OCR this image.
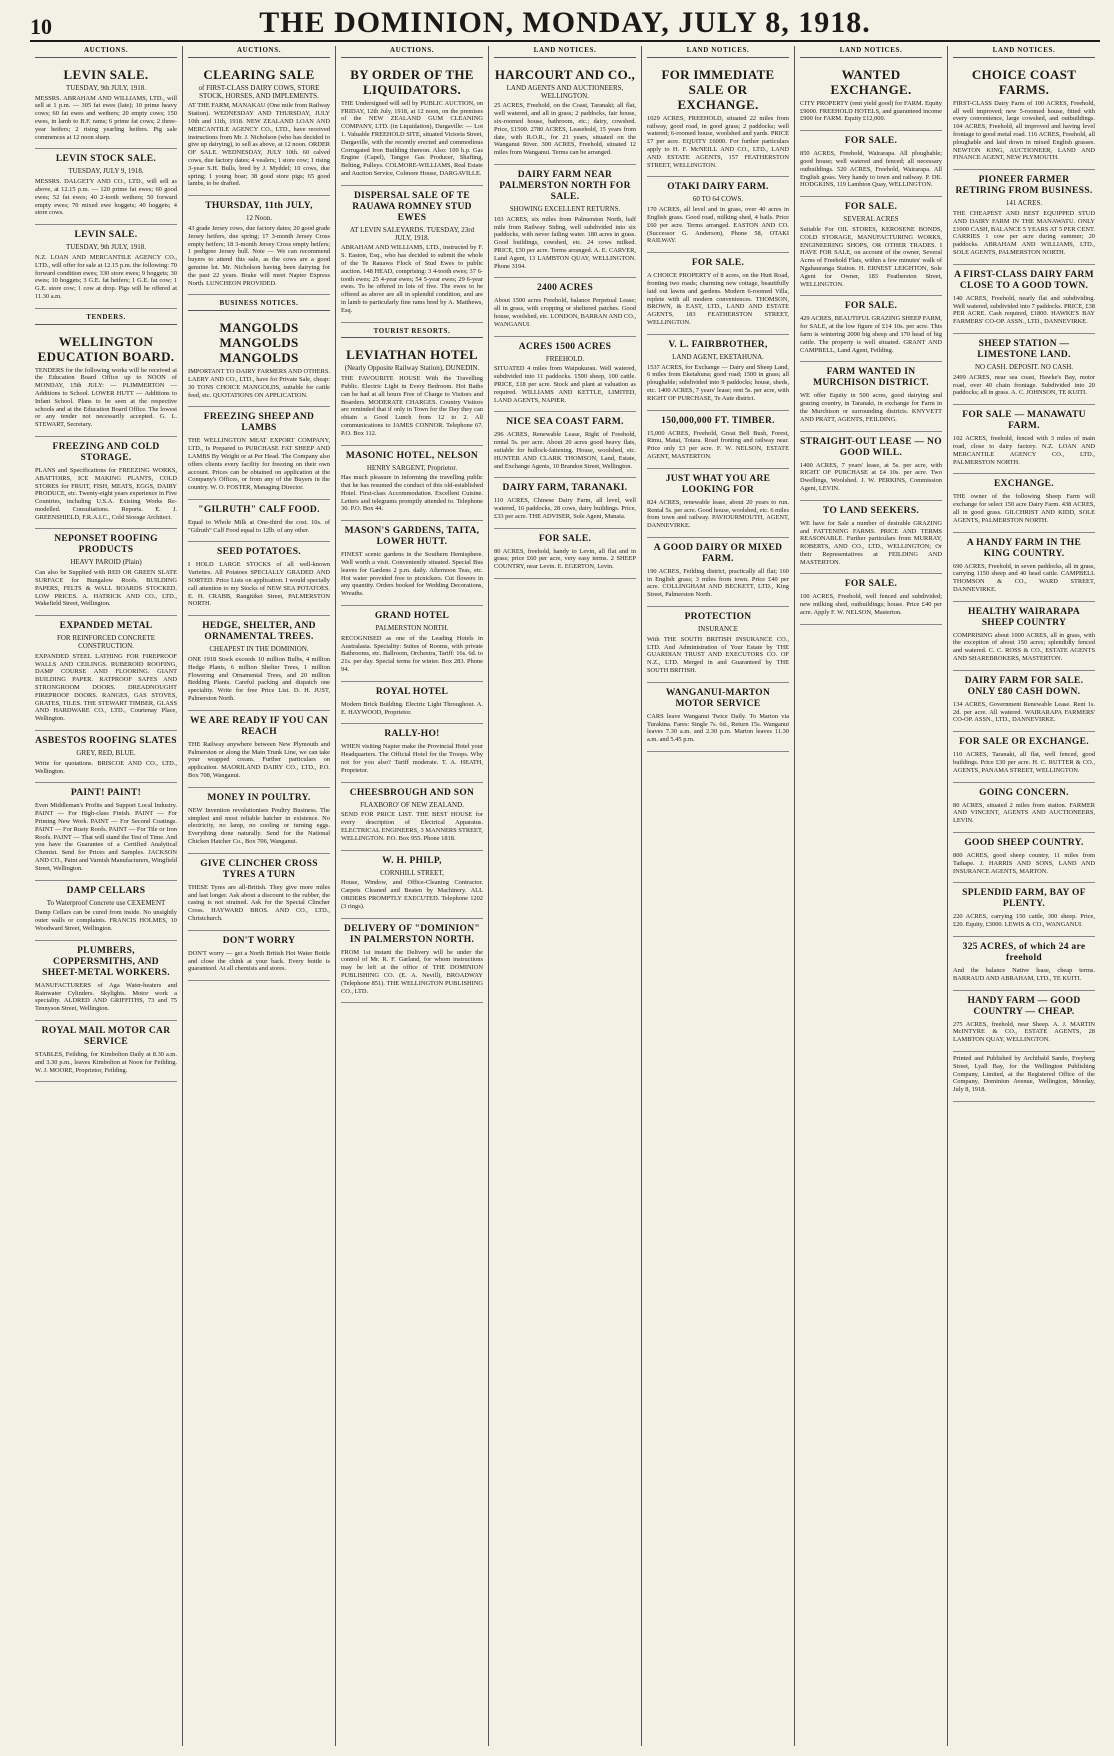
10	THE DOMINION, MONDAY, JULY 8, 1918.
AUCTIONS.
LEVIN SALE.
TUESDAY, 9th JULY, 1918.

MESSRS. ABRAHAM AND WILLIAMS, LTD., will sell at 1 p.m. — 305 fat ewes (late); 10 prime heavy cows; 60 fat ewes and wethers; 20 empty cows; 150 ewes, in lamb to B.F. rams; 6 prime fat cows; 2 three-year heifers; 2 rising yearling heifers. Pig sale commences at 12 noon sharp.

LEVIN STOCK SALE.
TUESDAY, JULY 9, 1918.

MESSRS. DALGETY AND CO., LTD., will sell as above, at 12.15 p.m. — 120 prime fat ewes; 60 good ewes; 52 fat ewes; 40 2-tooth wethers; 50 forward empty ewes; 70 mixed ewe hoggets; 40 hoggets; 4 store cows.

LEVIN SALE.
TUESDAY, 9th JULY, 1918.

N.Z. LOAN AND MERCANTILE AGENCY CO., LTD., will offer for sale at 12.15 p.m. the following: 70 forward condition ewes; 330 store ewes; 9 hoggets; 30 ewes; 10 hoggets; 3 G.E. fat heifers; 1 G.E. fat cow; 1 G.E. store cow; 1 cow at drop. Pigs will be offered at 11.30 a.m.

TENDERS.
WELLINGTON EDUCATION BOARD.

TENDERS for the following works will be received at the Education Board Office up to NOON of MONDAY, 15th JULY: — PLIMMERTON — Additions to School. LOWER HUTT — Additions to Infant School. Plans to be seen at the respective schools and at the Education Board Office. The lowest or any tender not necessarily accepted. G. L. STEWART, Secretary.

FREEZING AND COLD STORAGE.

PLANS and Specifications for FREEZING WORKS, ABATTOIRS, ICE MAKING PLANTS, COLD STORES for FRUIT, FISH, MEATS, EGGS, DAIRY PRODUCE, etc. Twenty-eight years experience in Five Countries, including U.S.A. Existing Works Re-modelled. Consultations. Reports. E. J. GREENSHIELD, F.R.A.I.C., Cold Storage Architect.

NEPONSET ROOFING PRODUCTS
HEAVY PAROID (Plain)

Can also be Supplied with RED OR GREEN SLATE SURFACE for Bungalow Roofs. BUILDING PAPERS, FELTS & WALL BOARDS STOCKED. LOW PRICES. A. HATRICK AND CO., LTD., Wakefield Street, Wellington.

EXPANDED METAL
FOR REINFORCED CONCRETE CONSTRUCTION.

EXPANDED STEEL LATHING FOR FIREPROOF WALLS AND CEILINGS. RUBEROID ROOFING, DAMP COURSE AND FLOORING. GIANT BUILDING PAPER. RATPROOF SAFES AND STRONGROOM DOORS. DREADNOUGHT FIREPROOF DOORS. RANGES, GAS STOVES, GRATES, TILES. THE STEWART TIMBER, GLASS AND HARDWARE CO., LTD., Courtenay Place, Wellington.

ASBESTOS ROOFING SLATES
GREY, RED, BLUE.

Write for quotations. BRISCOE AND CO., LTD., Wellington.

PAINT! PAINT!

Even Middleman's Profits and Support Local Industry. PAINT — For High-class Finish. PAINT — For Priming New Work. PAINT — For Second Coatings. PAINT — For Rusty Roofs. PAINT — For Tile or Iron Roofs. PAINT — That will stand the Test of Time. And you have the Guarantee of a Certified Analytical Chemist. Send for Prices and Samples. JACKSON AND CO., Paint and Varnish Manufacturers, Wingfield Street, Wellington.

DAMP CELLARS
To Waterproof Concrete use CEXEMENT

Damp Cellars can be cured from inside. No unsightly outer walls or complaints. FRANCIS HOLMES, 10 Woodward Street, Wellington.

PLUMBERS, COPPERSMITHS, AND SHEET-METAL WORKERS.

MANUFACTURERS of Aga Water-heaters and Rainwater Cylinders. Skylights. Motor work a speciality. ALDRED AND GRIFFITHS, 73 and 75 Tennyson Street, Wellington.

ROYAL MAIL MOTOR CAR SERVICE

STABLES, Feilding, for Kimbolton Daily at 8.30 a.m. and 3.30 p.m., leaves Kimbolton at Noon for Feilding. W. J. MOORE, Proprietor, Feilding.

AUCTIONS.
CLEARING SALE
of FIRST-CLASS DAIRY COWS, STORE STOCK, HORSES, AND IMPLEMENTS.

AT THE FARM, MANAKAU (One mile from Railway Station). WEDNESDAY AND THURSDAY, JULY 10th and 11th, 1918. NEW ZEALAND LOAN AND MERCANTILE AGENCY CO., LTD., have received instructions from Mr. J. Nicholson (who has decided to give up dairying), to sell as above, at 12 noon. ORDER OF SALE. WEDNESDAY, JULY 10th. 60 calved cows, due factory dates; 4 vealers; 1 store cow; 1 rising 3-year S.H. Bulls, bred by J. Myddel; 10 cows, due spring; 1 young boar; 38 good store pigs; 65 good lambs, to be drafted.

THURSDAY, 11th JULY,
12 Noon.

43 grade Jersey cows, due factory dates; 20 good grade Jersey heifers, due spring; 17 3-month Jersey Cross empty heifers; 18 3-month Jersey Cross empty heifers; 1 pedigree Jersey bull. Note — We can recommend buyers to attend this sale, as the cows are a good genuine lot. Mr. Nicholson having been dairying for the past 22 years. Brake will meet Napier Express North. LUNCHEON PROVIDED.

BUSINESS NOTICES.
MANGOLDS MANGOLDS MANGOLDS

IMPORTANT TO DAIRY FARMERS AND OTHERS. LAERY AND CO., LTD., have for Private Sale, cheap: 30 TONS CHOICE MANGOLDS, suitable for cattle feed, etc. QUOTATIONS ON APPLICATION.

FREEZING SHEEP AND LAMBS

THE WELLINGTON MEAT EXPORT COMPANY, LTD., Is Prepared to PURCHASE FAT SHEEP AND LAMBS By Weight or at Per Head. The Company also offers clients every facility for freezing on their own account. Prices can be obtained on application at the Company's Offices, or from any of the Buyers in the country. W. O. FOSTER, Managing Director.

"GILRUTH" CALF FOOD.

Equal to Whole Milk at One-third the cost. 10s. of "Gilruth" Calf Food equal to 12lb. of any other.

SEED POTATOES.

I HOLD LARGE STOCKS of all well-known Varieties. All Potatoes SPECIALLY GRADED AND SORTED. Price Lists on application. I would specially call attention to my Stocks of NEW SEA POTATOES. E. H. CRABB, Rangitikei Street, PALMERSTON NORTH.

HEDGE, SHELTER, AND ORNAMENTAL TREES.
CHEAPEST IN THE DOMINION.

ONE 1918 Stock exceeds 10 million Bulbs, 4 million Hedge Plants, 6 million Shelter Trees, 1 million Flowering and Ornamental Trees, and 20 million Bedding Plants. Careful packing and dispatch one speciality. Write for free Price List. D. H. JUST, Palmerston North.

WE ARE READY IF YOU CAN REACH

THE Railway anywhere between New Plymouth and Palmerston or along the Main Trunk Line, we can take your wrapped cream. Further particulars on application. MAORILAND DAIRY CO., LTD., P.O. Box 708, Wanganui.

MONEY IN POULTRY.

NEW Invention revolutionises Poultry Business. The simplest and most reliable hatcher in existence. No electricity, no lamp, no cooling or turning eggs. Everything done naturally. Send for the National Chicken Hatcher Co., Box 706, Wanganui.

GIVE CLINCHER CROSS TYRES A TURN

THESE Tyres are all-British. They give more miles and last longer. Ask about a discount to the rubber, the casing is not strained. Ask for the Special Clincher Cross. HAYWARD BROS. AND CO., LTD., Christchurch.

DON'T WORRY

DON'T worry — get a North British Hot Water Bottle and close the chink at your back. Every bottle is guaranteed. At all chemists and stores.

AUCTIONS.
BY ORDER OF THE LIQUIDATORS.

THE Undersigned will sell by PUBLIC AUCTION, on FRIDAY, 12th July, 1918, at 12 noon, on the premises of the NEW ZEALAND GUM CLEANING COMPANY, LTD. (in Liquidation), Dargaville: — Lot 1. Valuable FREEHOLD SITE, situated Victoria Street, Dargaville, with the recently erected and commodious Corrugated Iron Building thereon. Also: 100 h.p. Gas Engine (Capel), Tangye Gas Producer, Shafting, Belting, Pulleys. COLMORE-WILLIAMS, Real Estate and Auction Service, Colmore House, DARGAVILLE.

DISPERSAL SALE OF TE RAUAWA ROMNEY STUD EWES
AT LEVIN SALEYARDS. TUESDAY, 23rd JULY, 1918.

ABRAHAM AND WILLIAMS, LTD., instructed by F. S. Easton, Esq., who has decided to submit the whole of the Te Rauawa Flock of Stud Ewes to public auction. 148 HEAD, comprising: 3 4-tooth ewes; 37 6-tooth ewes; 25 4-year ewes; 54 5-year ewes; 29 6-year ewes. To be offered in lots of five. The ewes to be offered as above are all in splendid condition, and are in lamb to particularly fine rams bred by A. Matthews, Esq.

TOURIST RESORTS.
LEVIATHAN HOTEL
(Nearly Opposite Railway Station), DUNEDIN.

THE FAVOURITE HOUSE With the Travelling Public. Electric Light in Every Bedroom. Hot Baths can be had at all hours Free of Charge to Visitors and Boarders. MODERATE CHARGES. Country Visitors are reminded that if only in Town for the Day they can obtain a Good Lunch from 12 to 2. All communications to JAMES CONNOR. Telephone 67. P.O. Box 112.

MASONIC HOTEL, NELSON
HENRY SARGENT, Proprietor.

Has much pleasure in informing the travelling public that he has resumed the conduct of this old-established Hotel. First-class Accommodation. Excellent Cuisine. Letters and telegrams promptly attended to. Telephone 30. P.O. Box 44.

MASON'S GARDENS, TAITA, LOWER HUTT.

FINEST scenic gardens in the Southern Hemisphere. Well worth a visit. Conveniently situated. Special Bus leaves for Gardens 2 p.m. daily. Afternoon Teas, etc. Hot water provided free to picnickers. Cut flowers in any quantity. Orders booked for Wedding Decorations, Wreaths.

GRAND HOTEL
PALMERSTON NORTH.

RECOGNISED as one of the Leading Hotels in Australasia. Speciality: Suites of Rooms, with private Bathrooms, etc. Ballroom, Orchestra, Tariff: 16s. 6d. to 21s. per day. Special terms for winter. Box 283. Phone 94.

ROYAL HOTEL

Modern Brick Building. Electric Light Throughout. A. E. HAYWOOD, Proprietor.

RALLY-HO!

WHEN visiting Napier make the Provincial Hotel your Headquarters. The Official Hotel for the Troops. Why not for you also? Tariff moderate. T. A. HEATH, Proprietor.

CHEESBROUGH AND SON
FLAXBORO' OF NEW ZEALAND.

SEND FOR PRICE LIST. THE BEST HOUSE for every description of Electrical Apparatus. ELECTRICAL ENGINEERS, 3 MANNERS STREET, WELLINGTON. P.O. Box 955. Phone 1818.

W. H. PHILP,
CORNHILL STREET,

House, Window, and Office-Cleaning Contractor. Carpets Cleaned and Beaten by Machinery. ALL ORDERS PROMPTLY EXECUTED. Telephone 1202 (3 rings).

DELIVERY OF "DOMINION" IN PALMERSTON NORTH.

FROM 1st instant the Delivery will be under the control of Mr. R. F. Garland, for whom instructions may be left at the office of THE DOMINION PUBLISHING CO. (E. A. Nevill), BROADWAY (Telephone 851). THE WELLINGTON PUBLISHING CO., LTD.

LAND NOTICES.
HARCOURT AND CO.,
LAND AGENTS AND AUCTIONEERS, WELLINGTON.

25 ACRES, Freehold, on the Coast, Taranaki; all flat, well watered, and all in grass; 2 paddocks, fair house, six-roomed house, bathroom, etc.; dairy, cowshed. Price, £1500. 2780 ACRES, Leasehold, 15 years from date, with R.O.R., for 21 years, situated on the Wanganui River. 300 ACRES, Freehold, situated 12 miles from Wanganui. Terms can be arranged.

DAIRY FARM NEAR PALMERSTON NORTH FOR SALE.
SHOWING EXCELLENT RETURNS.

103 ACRES, six miles from Palmerston North, half mile from Railway Siding, well subdivided into six paddocks, with never failing water. 180 acres in grass. Good buildings, cowshed, etc. 24 cows milked. PRICE, £30 per acre. Terms arranged. A. E. CARVER, Land Agent, 13 LAMBTON QUAY, WELLINGTON. Phone 3194.

2400 ACRES

About 1500 acres Freehold, balance Perpetual Lease; all in grass, with cropping or sheltered patches. Good house, woolshed, etc. LONDON, BARRAN AND CO., WANGANUI.

ACRES 1500 ACRES
FREEHOLD.

SITUATED 4 miles from Waipukurau. Well watered, subdivided into 11 paddocks. 1500 sheep, 100 cattle. PRICE, £18 per acre. Stock and plant at valuation as required. WILLIAMS AND KETTLE, LIMITED, LAND AGENTS, NAPIER.

NICE SEA COAST FARM.

296 ACRES, Renewable Lease, Right of Freehold, rental 5s. per acre. About 20 acres good heavy flats, suitable for bullock-fattening. House, woolshed, etc. HUNTER AND CLARK THOMSON, Land, Estate, and Exchange Agents, 10 Brandon Street, Wellington.

DAIRY FARM, TARANAKI.

110 ACRES, Chinese Dairy Farm, all level, well watered, 16 paddocks, 28 cows, dairy buildings. Price, £33 per acre. THE ADVISER, Sole Agent, Manaia.

FOR SALE.

80 ACRES, freehold, handy to Levin, all flat and in grass; price £60 per acre, very easy terms. 2 SHEEP COUNTRY, near Levin. E. EGERTON, Levin.

LAND NOTICES.
FOR IMMEDIATE SALE OR EXCHANGE.

1029 ACRES, FREEHOLD, situated 22 miles from railway, good road, in good grass; 2 paddocks; well watered; 6-roomed house, woolshed and yards. PRICE £7 per acre. EQUITY £6000. For further particulars apply to H. F. McNEILL AND CO., LTD., LAND AND ESTATE AGENTS, 157 FEATHERSTON STREET, WELLINGTON.

OTAKI DAIRY FARM.
60 TO 64 COWS.

170 ACRES, all level and in grass, over 40 acres in English grass. Good road, milking shed, 4 bails. Price £60 per acre. Terms arranged. EASTON AND CO. (Successor G. Anderson), Phone 58, OTAKI RAILWAY.

FOR SALE.

A CHOICE PROPERTY of 8 acres, on the Hutt Road, fronting two roads; charming new cottage, beautifully laid out lawns and gardens. Modern 6-roomed Villa, replete with all modern conveniences. THOMSON, BROWN, & EAST, LTD., LAND AND ESTATE AGENTS, 183 FEATHERSTON STREET, WELLINGTON.

V. L. FAIRBROTHER,
LAND AGENT, EKETAHUNA.

1537 ACRES, for Exchange — Dairy and Sheep Land, 6 miles from Eketahuna; good road; 1500 in grass; all ploughable; subdivided into 9 paddocks; house, sheds, etc. 1400 ACRES, 7 years' lease; rent 5s. per acre, with RIGHT OF PURCHASE, Te Aute district.

150,000,000 FT. TIMBER.

15,000 ACRES, Freehold, Great Bell Bush, Forest, Rimu, Matai, Totara. Road fronting and railway near. Price only £3 per acre. F. W. NELSON, ESTATE AGENT, MASTERTON.

JUST WHAT YOU ARE LOOKING FOR

824 ACRES, renewable lease, about 20 years to run. Rental 5s. per acre. Good house, woolshed, etc. 6 miles from town and railway. PAVIOURMOUTH, AGENT, DANNEVIRKE.

A GOOD DAIRY OR MIXED FARM.

190 ACRES, Feilding district, practically all flat; 160 in English grass; 3 miles from town. Price £40 per acre. COLLINGHAM AND BECKETT, LTD., King Street, Palmerston North.

PROTECTION
INSURANCE

With THE SOUTH BRITISH INSURANCE CO., LTD. And Administration of Your Estate by THE GUARDIAN TRUST AND EXECUTORS CO. OF N.Z., LTD. Merged in and Guaranteed by THE SOUTH BRITISH.

WANGANUI-MARTON MOTOR SERVICE

CARS leave Wanganui Twice Daily. To Marton via Turakina. Fares: Single 7s. 6d., Return 15s. Wanganui leaves 7.30 a.m. and 2.30 p.m. Marton leaves 11.30 a.m. and 5.45 p.m.

LAND NOTICES.
WANTED EXCHANGE.

CITY PROPERTY (rent yield good) for FARM. Equity £9000. FREEHOLD HOTELS, and guaranteed income £900 for FARM. Equity £12,000.

FOR SALE.

850 ACRES, Freehold, Wairarapa. All ploughable; good house; well watered and fenced; all necessary outbuildings. 520 ACRES, Freehold, Wairarapa. All English grass. Very handy to town and railway. P. DE. HODGKINS, 119 Lambton Quay, WELLINGTON.

FOR SALE.
SEVERAL ACRES

Suitable For OIL STORES, KEROSENE BONDS, COLD STORAGE, MANUFACTURING WORKS, ENGINEERING SHOPS, OR OTHER TRADES. I HAVE FOR SALE, on account of the owner, Several Acres of Freehold Flats, within a few minutes' walk of Ngahauranga Station. H. ERNEST LEIGHTON, Sole Agent for Owner, 183 Featherston Street, WELLINGTON.

FOR SALE.

429 ACRES, BEAUTIFUL GRAZING SHEEP FARM, for SALE, at the low figure of £14 10s. per acre. This farm is wintering 2000 big sheep and 170 head of big cattle. The property is well situated. GRANT AND CAMPBELL, Land Agent, Feilding.

FARM WANTED IN MURCHISON DISTRICT.

WE offer Equity in 500 acres, good dairying and grazing country, in Taranaki, in exchange for Farm in the Murchison or surrounding districts. KNYVETT AND PRATT, AGENTS, FEILDING.

STRAIGHT-OUT LEASE — NO GOOD WILL.

1400 ACRES, 7 years' lease, at 5s. per acre, with RIGHT OF PURCHASE at £4 10s. per acre. Two Dwellings, Woolshed. J. W. PERKINS, Commission Agent, LEVIN.

TO LAND SEEKERS.

WE have for Sale a number of desirable GRAZING and FATTENING FARMS. PRICE AND TERMS REASONABLE. Further particulars from MURRAY, ROBERTS, AND CO., LTD., WELLINGTON; Or their Representatives at FEILDING AND MASTERTON.

FOR SALE.

100 ACRES, Freehold, well fenced and subdivided; new milking shed, outbuildings; house. Price £40 per acre. Apply F. W. NELSON, Masterton.

LAND NOTICES.
CHOICE COAST FARMS.

FIRST-CLASS Dairy Farm of 100 ACRES, Freehold, all well improved; new 5-roomed house, fitted with every convenience, large cowshed, and outbuildings. 104 ACRES, Freehold, all improved and having level frontage to good metal road. 116 ACRES, Freehold, all ploughable and laid down in mixed English grasses. NEWTON KING, AUCTIONEER, LAND AND FINANCE AGENT, NEW PLYMOUTH.

PIONEER FARMER RETIRING FROM BUSINESS.
141 ACRES.

THE CHEAPEST AND BEST EQUIPPED STUD AND DAIRY FARM IN THE MANAWATU. ONLY £1000 CASH, BALANCE 5 YEARS AT 5 PER CENT. CARRIES 1 cow per acre during summer; 20 paddocks. ABRAHAM AND WILLIAMS, LTD., SOLE AGENTS, PALMERSTON NORTH.

A FIRST-CLASS DAIRY FARM CLOSE TO A GOOD TOWN.

140 ACRES, Freehold, nearly flat and subdividing. Well watered, subdivided into 7 paddocks. PRICE, £38 PER ACRE. Cash required, £1800. HAWKE'S BAY FARMERS' CO-OP. ASSN., LTD., DANNEVIRKE.

SHEEP STATION — LIMESTONE LAND.
NO CASH. DEPOSIT. NO CASH.

2499 ACRES, near sea coast, Hawke's Bay, motor road, over 40 chain frontage. Subdivided into 20 paddocks; all in grass. A. C. JOHNSON, TE KUITI.

FOR SALE — MANAWATU FARM.

102 ACRES, freehold, fenced with 3 miles of main road, close to dairy factory. N.Z. LOAN AND MERCANTILE AGENCY CO., LTD., PALMERSTON NORTH.

EXCHANGE.

THE owner of the following Sheep Farm will exchange for select 150 acre Dairy Farm. 438 ACRES, all in good grass. GILCHRIST AND KIDD, SOLE AGENTS, PALMERSTON NORTH.

A HANDY FARM IN THE KING COUNTRY.

690 ACRES, Freehold, in seven paddocks, all in grass, carrying 1150 sheep and 40 head cattle. CAMPBELL THOMSON & CO., WARD STREET, DANNEVIRKE.

HEALTHY WAIRARAPA SHEEP COUNTRY

COMPRISING about 1000 ACRES, all in grass, with the exception of about 150 acres; splendidly fenced and watered. C. C. ROSS & CO., ESTATE AGENTS AND SHAREBROKERS, MASTERTON.

DAIRY FARM FOR SALE. ONLY £80 CASH DOWN.

134 ACRES, Government Renewable Lease. Rent 1s. 2d. per acre. All watered. WAIRARAPA FARMERS' CO-OP. ASSN., LTD., DANNEVIRKE.

FOR SALE OR EXCHANGE.

110 ACRES, Taranaki, all flat, well fenced, good buildings. Price £30 per acre. H. C. RUTTER & CO., AGENTS, PANAMA STREET, WELLINGTON.

GOING CONCERN.

80 ACRES, situated 2 miles from station. FARMER AND VINCENT, AGENTS AND AUCTIONEERS, LEVIN.

GOOD SHEEP COUNTRY.

800 ACRES, good sheep country, 11 miles from Taihape. J. HARRIS AND SONS, LAND AND INSURANCE AGENTS, MARTON.

SPLENDID FARM, BAY OF PLENTY.

220 ACRES, carrying 150 cattle, 300 sheep. Price, £20. Equity, £3000. LEWIS & CO., WANGANUI.

325 ACRES, of which 24 are freehold

And the balance Native lease, cheap terms. BARRAUD AND ABRAHAM, LTD., TE KUITI.

HANDY FARM — GOOD COUNTRY — CHEAP.

275 ACRES, freehold, near Sheep. A. J. MARTIN McINTYRE & CO., ESTATE AGENTS, 28 LAMBTON QUAY, WELLINGTON.

Printed and Published by Archibald Sando, Freyberg Street, Lyall Bay, for the Wellington Publishing Company, Limited, at the Registered Office of the Company, Dominion Avenue, Wellington, Monday, July 8, 1918.
